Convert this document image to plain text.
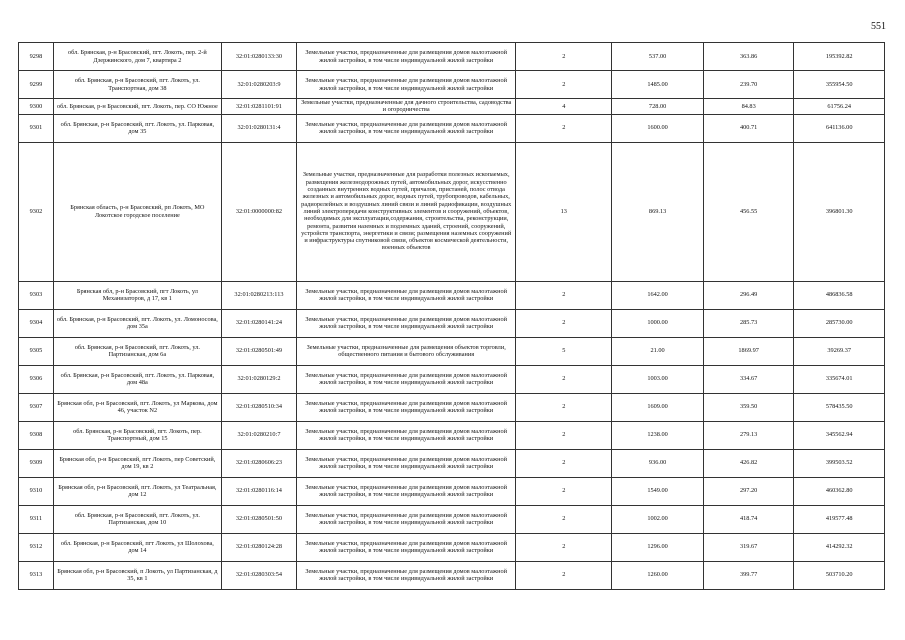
551
9298	обл. Брянская, р-н Брасовский, пгт. Локоть, пер. 2-й Дзержинского, дом 7, квартира 2	32:01:0280133:30	Земельные участки, предназначенные для размещения домов малоэтажной жилой застройки, в том числе индивидуальной жилой застройки	2	537.00	363.86	195392.82
9299	обл. Брянская, р-н Брасовский, пгт. Локоть, ул. Транспортная, дом 38	32:01:0280203:9	Земельные участки, предназначенные для размещения домов малоэтажной жилой застройки, в том числе индивидуальной жилой застройки	2	1485.00	239.70	355954.50
9300	обл. Брянская, р-н Брасовский, пгт. Локоть, пер. СО Южное	32:01:0281101:91	Земельные участки, предназначенные для дачного строительства, садоводства и огородничества	4	728.00	84.83	61756.24
9301	обл. Брянская, р-н Брасовский, пгт. Локоть, ул. Парковая, дом 35	32:01:0280131:4	Земельные участки, предназначенные для размещения домов малоэтажной жилой застройки, в том числе индивидуальной жилой застройки	2	1600.00	400.71	641136.00
9302	Брянская область, р-н Брасовский, рп Локоть, МО Локотское городское поселение	32:01:0000000:82	Земельные участки, предназначенные для разработки полезных ископаемых, размещения железнодорожных путей, автомобильных дорог, искусственно созданных внутренних водных путей, причалов, пристаней, полос отвода железных и автомобильных дорог, водных путей, трубопроводов, кабельных, радиорелейных и воздушных линий связи и линий радиофикации, воздушных линий электропередачи конструктивных элементов и сооружений, объектов, необходимых для эксплуатации,содержания, строительства, реконструкции, ремонта, развития наземных и подземных зданий, строений, сооружений, устройств транспорта, энергетики и связи; размещения наземных сооружений и инфраструктуры спутниковой связи, объектов космической деятельности, военных объектов	13	869.13	456.55	396801.30
9303	Брянская обл, р-н Брасовский, пгт Локоть, ул Механизаторов, д 17, кв 1	32:01:0280213:113	Земельные участки, предназначенные для размещения домов малоэтажной жилой застройки, в том числе индивидуальной жилой застройки	2	1642.00	296.49	486836.58
9304	обл. Брянская, р-н Брасовский, пгт. Локоть, ул. Ломоносова, дом 35а	32:01:0280141:24	Земельные участки, предназначенные для размещения домов малоэтажной жилой застройки, в том числе индивидуальной жилой застройки	2	1000.00	285.73	285730.00
9305	обл. Брянская, р-н Брасовский, пгт. Локоть, ул. Партизанская, дом 6а	32:01:0280501:49	Земельные участки, предназначенные для размещения объектов торговли, общественного питания и бытового обслуживания	5	21.00	1869.97	39269.37
9306	обл. Брянская, р-н Брасовский, пгт. Локоть, ул. Парковая, дом 48а	32:01:0280129:2	Земельные участки, предназначенные для размещения домов малоэтажной жилой застройки, в том числе индивидуальной жилой застройки	2	1003.00	334.67	335674.01
9307	Брянская обл, р-н Брасовский, пгт. Локоть, ул Маркова, дом 46, участок N2	32:01:0280510:34	Земельные участки, предназначенные для размещения домов малоэтажной жилой застройки, в том числе индивидуальной жилой застройки	2	1609.00	359.50	578435.50
9308	обл. Брянская, р-н Брасовский, пгт. Локоть, пер. Транспортный, дом 15	32:01:0280210:7	Земельные участки, предназначенные для размещения домов малоэтажной жилой застройки, в том числе индивидуальной жилой застройки	2	1238.00	279.13	345562.94
9309	Брянская обл, р-н Брасовский, пгт Локоть, пер Советский, дом 19, кв 2	32:01:0280606:23	Земельные участки, предназначенные для размещения домов малоэтажной жилой застройки, в том числе индивидуальной жилой застройки	2	936.00	426.82	399503.52
9310	Брянская обл, р-н Брасовский, пгт. Локоть, ул Театральная, дом 12	32:01:0280116:14	Земельные участки, предназначенные для размещения домов малоэтажной жилой застройки, в том числе индивидуальной жилой застройки	2	1549.00	297.20	460362.80
9311	обл. Брянская, р-н Брасовский, пгт. Локоть, ул. Партизанская, дом 10	32:01:0280501:50	Земельные участки, предназначенные для размещения домов малоэтажной жилой застройки, в том числе индивидуальной жилой застройки	2	1002.00	418.74	419577.48
9312	обл. Брянская, р-н Брасовский, пгт Локоть, ул Шолохова, дом 14	32:01:0280124:28	Земельные участки, предназначенные для размещения домов малоэтажной жилой застройки, в том числе индивидуальной жилой застройки	2	1296.00	319.67	414292.32
9313	Брянская обл, р-н Брасовский, п Локоть, ул Партизанская, д 35, кв 1	32:01:0280303:54	Земельные участки, предназначенные для размещения домов малоэтажной жилой застройки, в том числе индивидуальной жилой застройки	2	1260.00	399.77	503710.20
